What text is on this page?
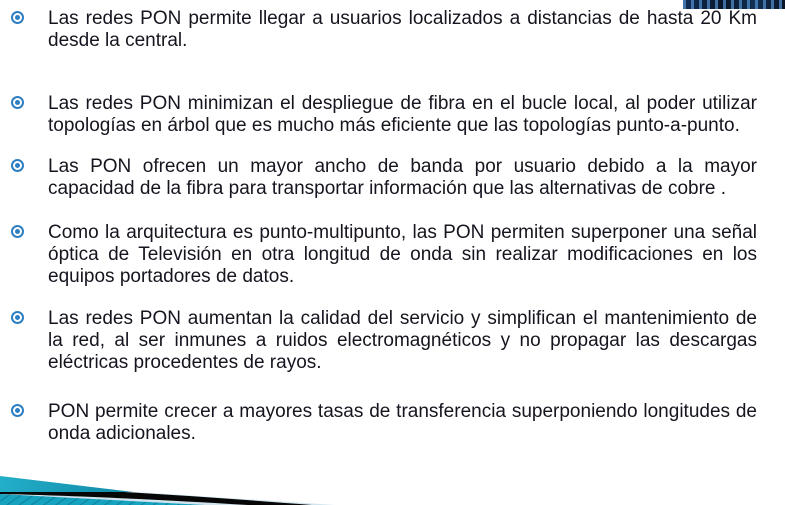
Las redes PON permite llegar a usuarios localizados a distancias de hasta 20 Km desde la central.

Las redes PON minimizan el despliegue de fibra en el bucle local, al poder utilizar topologías en árbol que es mucho más eficiente que las topologías punto-a-punto.

Las PON ofrecen un mayor ancho de banda por usuario debido a la mayor capacidad de la fibra para transportar información que las alternativas de cobre .

Como la arquitectura es punto-multipunto, las PON permiten superponer una señal óptica de Televisión en otra longitud de onda sin realizar modificaciones en los equipos portadores de datos.

Las redes PON aumentan la calidad del servicio y simplifican el mantenimiento de la red, al ser inmunes a ruidos electromagnéticos y no propagar las descargas eléctricas procedentes de rayos.

PON permite crecer a mayores tasas de transferencia superponiendo longitudes de onda adicionales.
